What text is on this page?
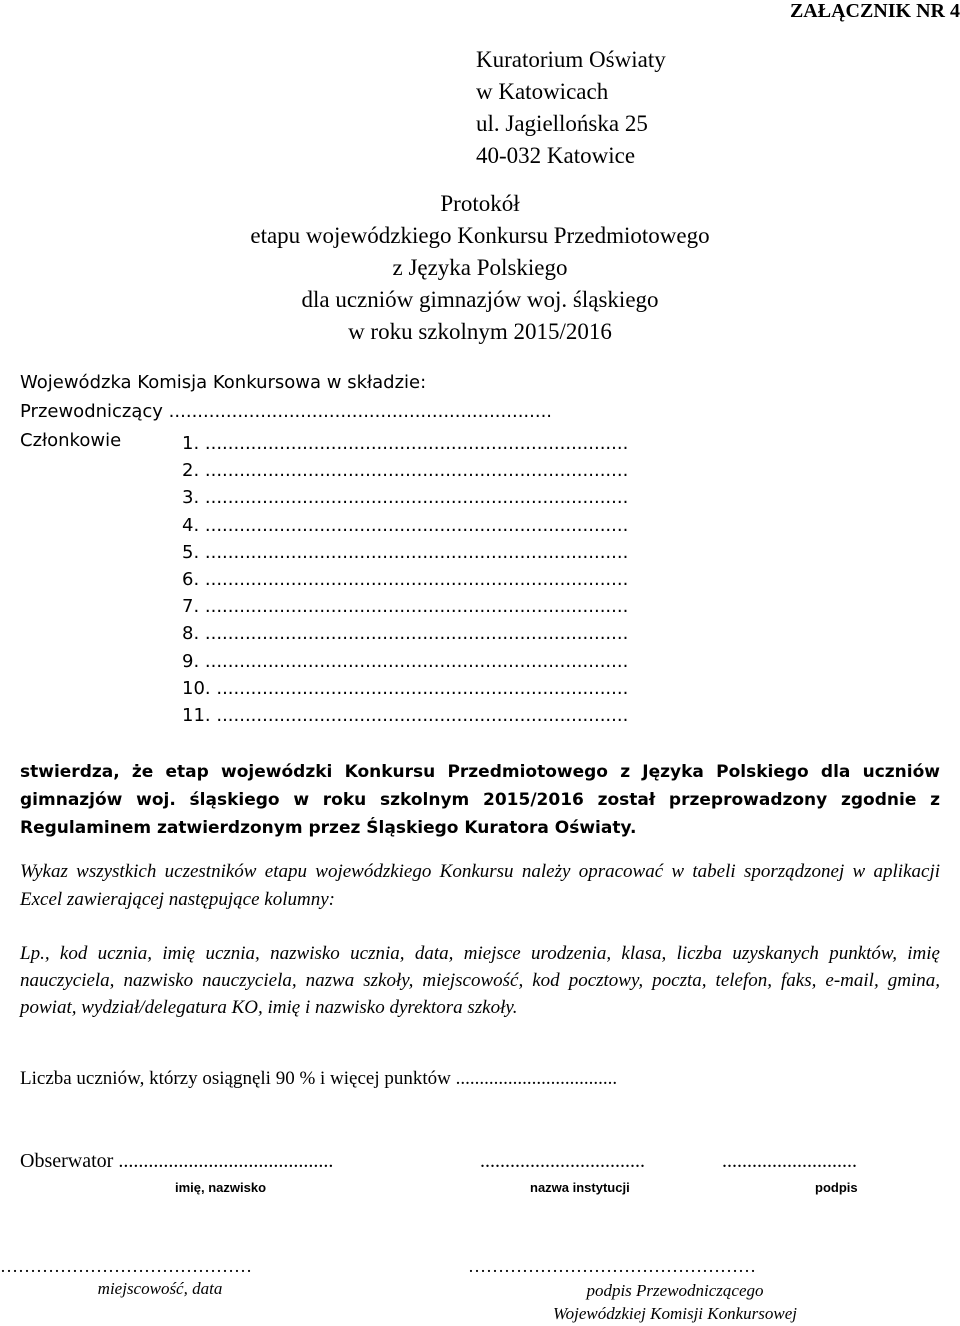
ZAŁĄCZNIK NR 4
Kuratorium Oświaty
w Katowicach
ul. Jagiellońska 25
40-032 Katowice
Protokół
etapu wojewódzkiego Konkursu Przedmiotowego
z Języka Polskiego
dla uczniów gimnazjów woj. śląskiego
w roku szkolnym 2015/2016
Wojewódzka Komisja Konkursowa w składzie:
Przewodniczący ...................................................................
Członkowie	1. ..........................................................................
2. ..........................................................................
3. ..........................................................................
4. ..........................................................................
5. ..........................................................................
6. ..........................................................................
7. ..........................................................................
8. ..........................................................................
9. ..........................................................................
10. ........................................................................
11. ........................................................................
stwierdza, że etap wojewódzki Konkursu Przedmiotowego z Języka Polskiego dla uczniów gimnazjów woj. śląskiego w roku szkolnym 2015/2016 został przeprowadzony zgodnie z Regulaminem zatwierdzonym przez Śląskiego Kuratora Oświaty.
Wykaz wszystkich uczestników etapu wojewódzkiego Konkursu należy opracować w tabeli sporządzonej w aplikacji Excel zawierającej następujące kolumny:
Lp., kod ucznia, imię ucznia, nazwisko ucznia, data, miejsce urodzenia, klasa, liczba uzyskanych punktów, imię nauczyciela, nazwisko nauczyciela, nazwa szkoły, miejscowość, kod pocztowy, poczta, telefon, faks, e-mail, gmina, powiat, wydział/delegatura KO, imię i nazwisko dyrektora szkoły.
Liczba uczniów, którzy osiągnęli 90 % i więcej punktów ..................................
Obserwator ...........................................	.................................	...........................
imię, nazwisko	nazwa instytucji	podpis
……………………………………	…………………………………………
miejscowość, data	podpis Przewodniczącego
Wojewódzkiej Komisji Konkursowej
